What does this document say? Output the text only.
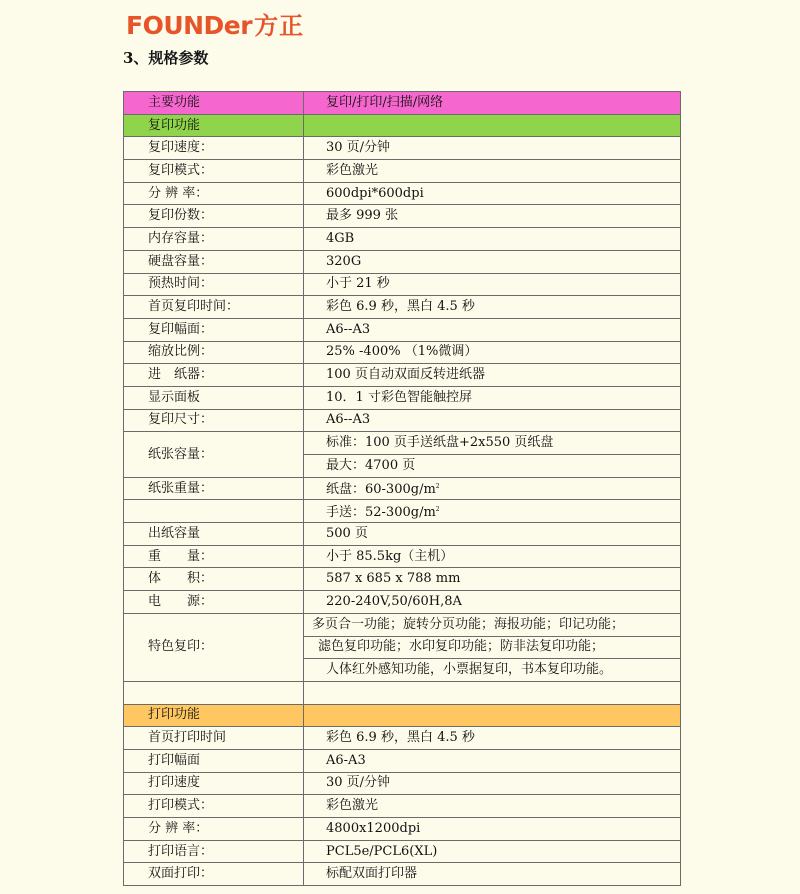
FOUNDer方正
3、规格参数
主要功能	复印/打印/扫描/网络
复印功能	
复印速度：	30 页/分钟
复印模式：	彩色激光
分 辨 率：	600dpi*600dpi
复印份数：	最多 999 张
内存容量：	4GB
硬盘容量：	320G
预热时间：	小于 21 秒
首页复印时间：	彩色 6.9 秒，黑白 4.5 秒
复印幅面：	A6--A3
缩放比例：	25% -400% （1%微调）
进　纸器：	100 页自动双面反转进纸器
显示面板	10．1 寸彩色智能触控屏
复印尺寸：	A6--A3
纸张容量：	标准：100 页手送纸盘+2x550 页纸盘
	最大：4700 页
纸张重量：	纸盘：$60-300g/m^2$
	手送：$52-300g/m^2$
出纸容量	500 页
重　　量：	小于 85.5kg（主机）
体　　积：	587 x 685 x 788 mm
电　　源：	220-240V,50/60H,8A
特色复印：	多页合一功能；旋转分页功能；海报功能；印记功能；
	滤色复印功能；水印复印功能；防非法复印功能；
	人体红外感知功能，小票据复印，书本复印功能。

打印功能	
首页打印时间	彩色 6.9 秒，黑白 4.5 秒
打印幅面	A6-A3
打印速度	30 页/分钟
打印模式：	彩色激光
分 辨 率：	4800x1200dpi
打印语言：	PCL5e/PCL6(XL)
双面打印：	标配双面打印器
